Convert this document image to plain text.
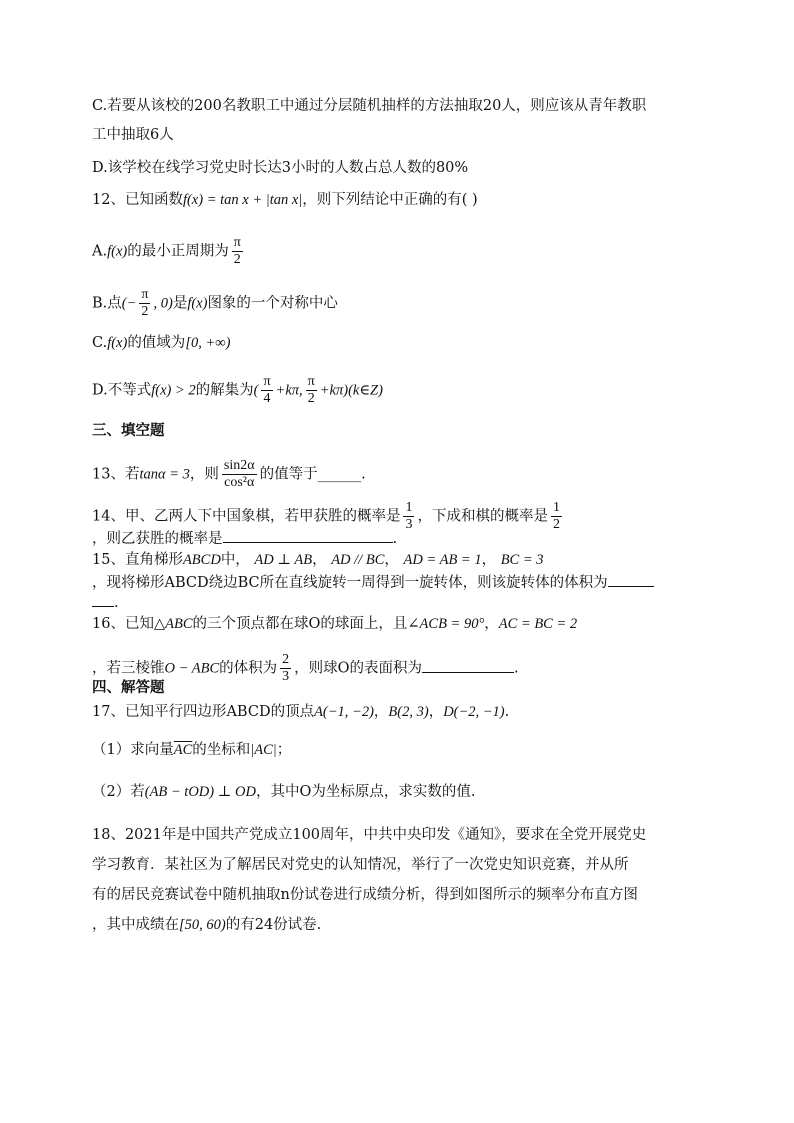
C.若要从该校的200名教职工中通过分层随机抽样的方法抽取20人，则应该从青年教职
工中抽取6人
D.该学校在线学习党史时长达3小时的人数占总人数的80%
12、已知函数f(x) = tan x + |tan x|，则下列结论中正确的有( )
A.f(x)的最小正周期为 $\frac{\pi}{2}$
B.点(− $\frac{\pi}{2}$ , 0)是f(x)图象的一个对称中心
C.f(x)的值域为[0, +∞)
D.不等式f(x) > 2的解集为( $\frac{\pi}{4} +k\pi$, $\frac{\pi}{2}$ +kπ)(k∈Z)
三、填空题
13、若tanα = 3，则 $\frac{\sin 2\alpha}{\text{cos²α}}$ 的值等于______.
14、甲、乙两人下中国象棋，若甲获胜的概率是 $\frac{1}{3}$ ，下成和棋的概率是 $\frac{1}{2}$
，则乙获胜的概率是	.
15、直角梯形ABCD中， AD ⊥ AB， AD // BC， AD = AB = 1， BC = 3
，现将梯形ABCD绕边BC所在直线旋转一周得到一旋转体，则该旋转体的体积为
.
16、已知△ABC的三个顶点都在球O的球面上，且∠ACB = 90°，AC = BC = 2
，若三棱锥O − ABC的体积为 $\frac{2}{3}$ ，则球O的表面积为	.
四、解答题
17、已知平行四边形ABCD的顶点A(−1, −2)，B(2, 3)，D(−2, −1).
（1）求向量$\overline{AC}$的坐标和|AC|；
（2）若(AB − tOD) ⊥ OD，其中O为坐标原点，求实数的值.
18、2021年是中国共产党成立100周年，中共中央印发《通知》，要求在全党开展党史
学习教育．某社区为了解居民对党史的认知情况，举行了一次党史知识竞赛，并从所
有的居民竞赛试卷中随机抽取n份试卷进行成绩分析，得到如图所示的频率分布直方图
，其中成绩在[50, 60)的有24份试卷.
